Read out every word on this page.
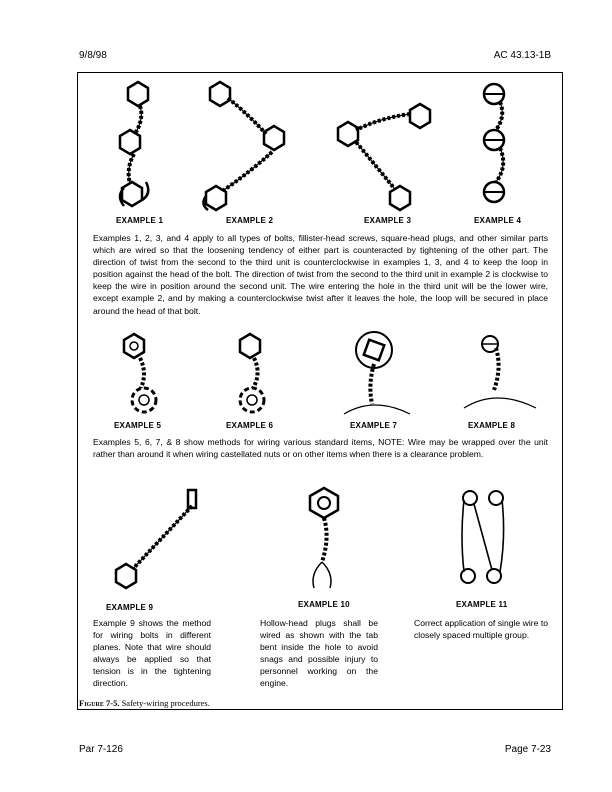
9/8/98	AC 43.13-1B
EXAMPLE 1	EXAMPLE 2	EXAMPLE 3	EXAMPLE 4

Examples 1, 2, 3, and 4 apply to all types of bolts, fillister-head screws, square-head plugs, and other similar parts which are wired so that the loosening tendency of either part is counteracted by tightening of the other part. The direction of twist from the second to the third unit is counterclockwise in examples 1, 3, and 4 to keep the loop in position against the head of the bolt. The direction of twist from the second to the third unit in example 2 is clockwise to keep the wire in position around the second unit. The wire entering the hole in the third unit will be the lower wire, except example 2, and by making a counterclockwise twist after it leaves the hole, the loop will be secured in place around the head of that bolt.

EXAMPLE 5	EXAMPLE 6	EXAMPLE 7	EXAMPLE 8

Examples 5, 6, 7, & 8 show methods for wiring various standard items, NOTE: Wire may be wrapped over the unit rather than around it when wiring castellated nuts or on other items when there is a clearance problem.

EXAMPLE 9	EXAMPLE 10	EXAMPLE 11

Example 9 shows the method for wiring bolts in different planes. Note that wire should always be applied so that tension is in the tightening direction.

Hollow-head plugs shall be wired as shown with the tab bent inside the hole to avoid snags and possible injury to personnel working on the engine.

Correct application of single wire to closely spaced multiple group.

Figure 7-5. Safety-wiring procedures.
Par 7-126	Page 7-23
